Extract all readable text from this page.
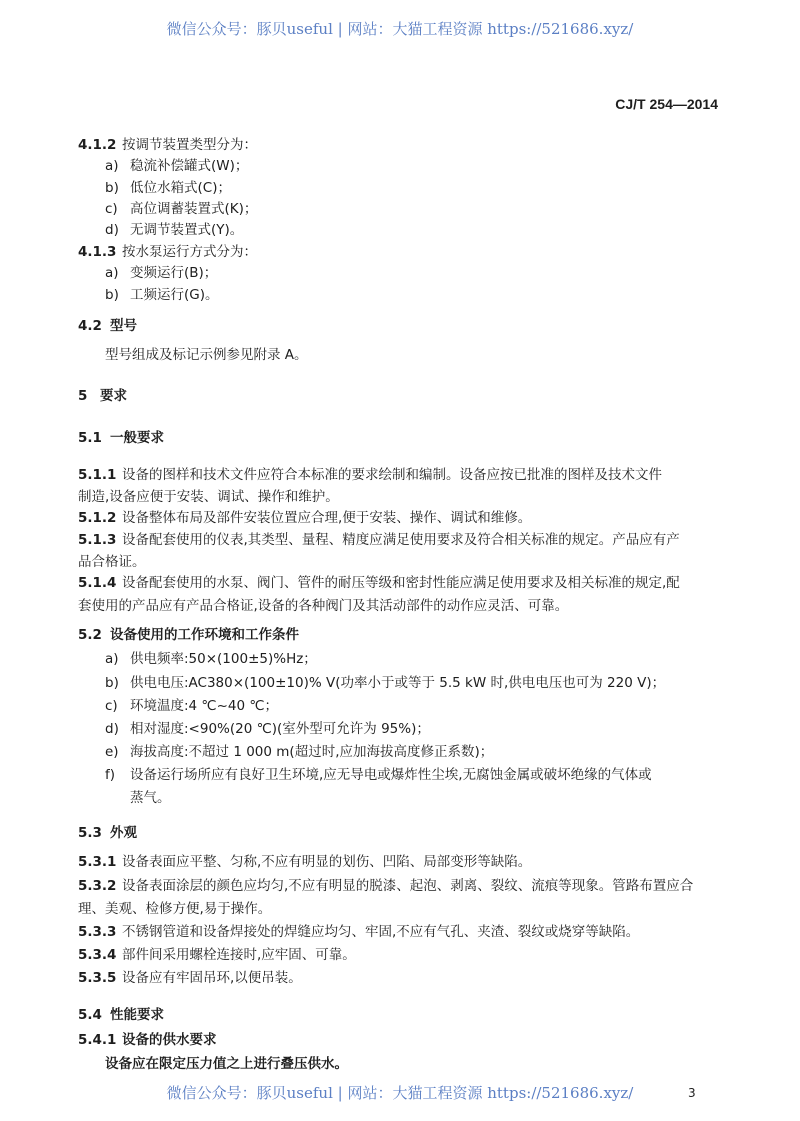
微信公众号：豚贝useful | 网站：大猫工程资源 https://521686.xyz/
CJ/T 254—2014
4.1.2 按调节装置类型分为：
a) 稳流补偿罐式(W)；
b) 低位水箱式(C)；
c) 高位调蓄装置式(K)；
d) 无调节装置式(Y)。
4.1.3 按水泵运行方式分为：
a) 变频运行(B)；
b) 工频运行(G)。
4.2 型号
型号组成及标记示例参见附录 A。
5 要求
5.1 一般要求
5.1.1 设备的图样和技术文件应符合本标准的要求绘制和编制。设备应按已批准的图样及技术文件
制造,设备应便于安装、调试、操作和维护。
5.1.2 设备整体布局及部件安装位置应合理,便于安装、操作、调试和维修。
5.1.3 设备配套使用的仪表,其类型、量程、精度应满足使用要求及符合相关标准的规定。产品应有产
品合格证。
5.1.4 设备配套使用的水泵、阀门、管件的耐压等级和密封性能应满足使用要求及相关标准的规定,配
套使用的产品应有产品合格证,设备的各种阀门及其活动部件的动作应灵活、可靠。
5.2 设备使用的工作环境和工作条件
a) 供电频率:50×(100±5)%Hz；
b) 供电电压:AC380×(100±10)% V(功率小于或等于 5.5 kW 时,供电电压也可为 220 V)；
c) 环境温度:4 ℃~40 ℃；
d) 相对湿度:<90%(20 ℃)(室外型可允许为 95%)；
e) 海拔高度:不超过 1 000 m(超过时,应加海拔高度修正系数)；
f) 设备运行场所应有良好卫生环境,应无导电或爆炸性尘埃,无腐蚀金属或破坏绝缘的气体或
蒸气。
5.3 外观
5.3.1 设备表面应平整、匀称,不应有明显的划伤、凹陷、局部变形等缺陷。
5.3.2 设备表面涂层的颜色应均匀,不应有明显的脱漆、起泡、剥离、裂纹、流痕等现象。管路布置应合
理、美观、检修方便,易于操作。
5.3.3 不锈钢管道和设备焊接处的焊缝应均匀、牢固,不应有气孔、夹渣、裂纹或烧穿等缺陷。
5.3.4 部件间采用螺栓连接时,应牢固、可靠。
5.3.5 设备应有牢固吊环,以便吊装。
5.4 性能要求
5.4.1 设备的供水要求
设备应在限定压力值之上进行叠压供水。
微信公众号：豚贝useful | 网站：大猫工程资源 https://521686.xyz/	3
